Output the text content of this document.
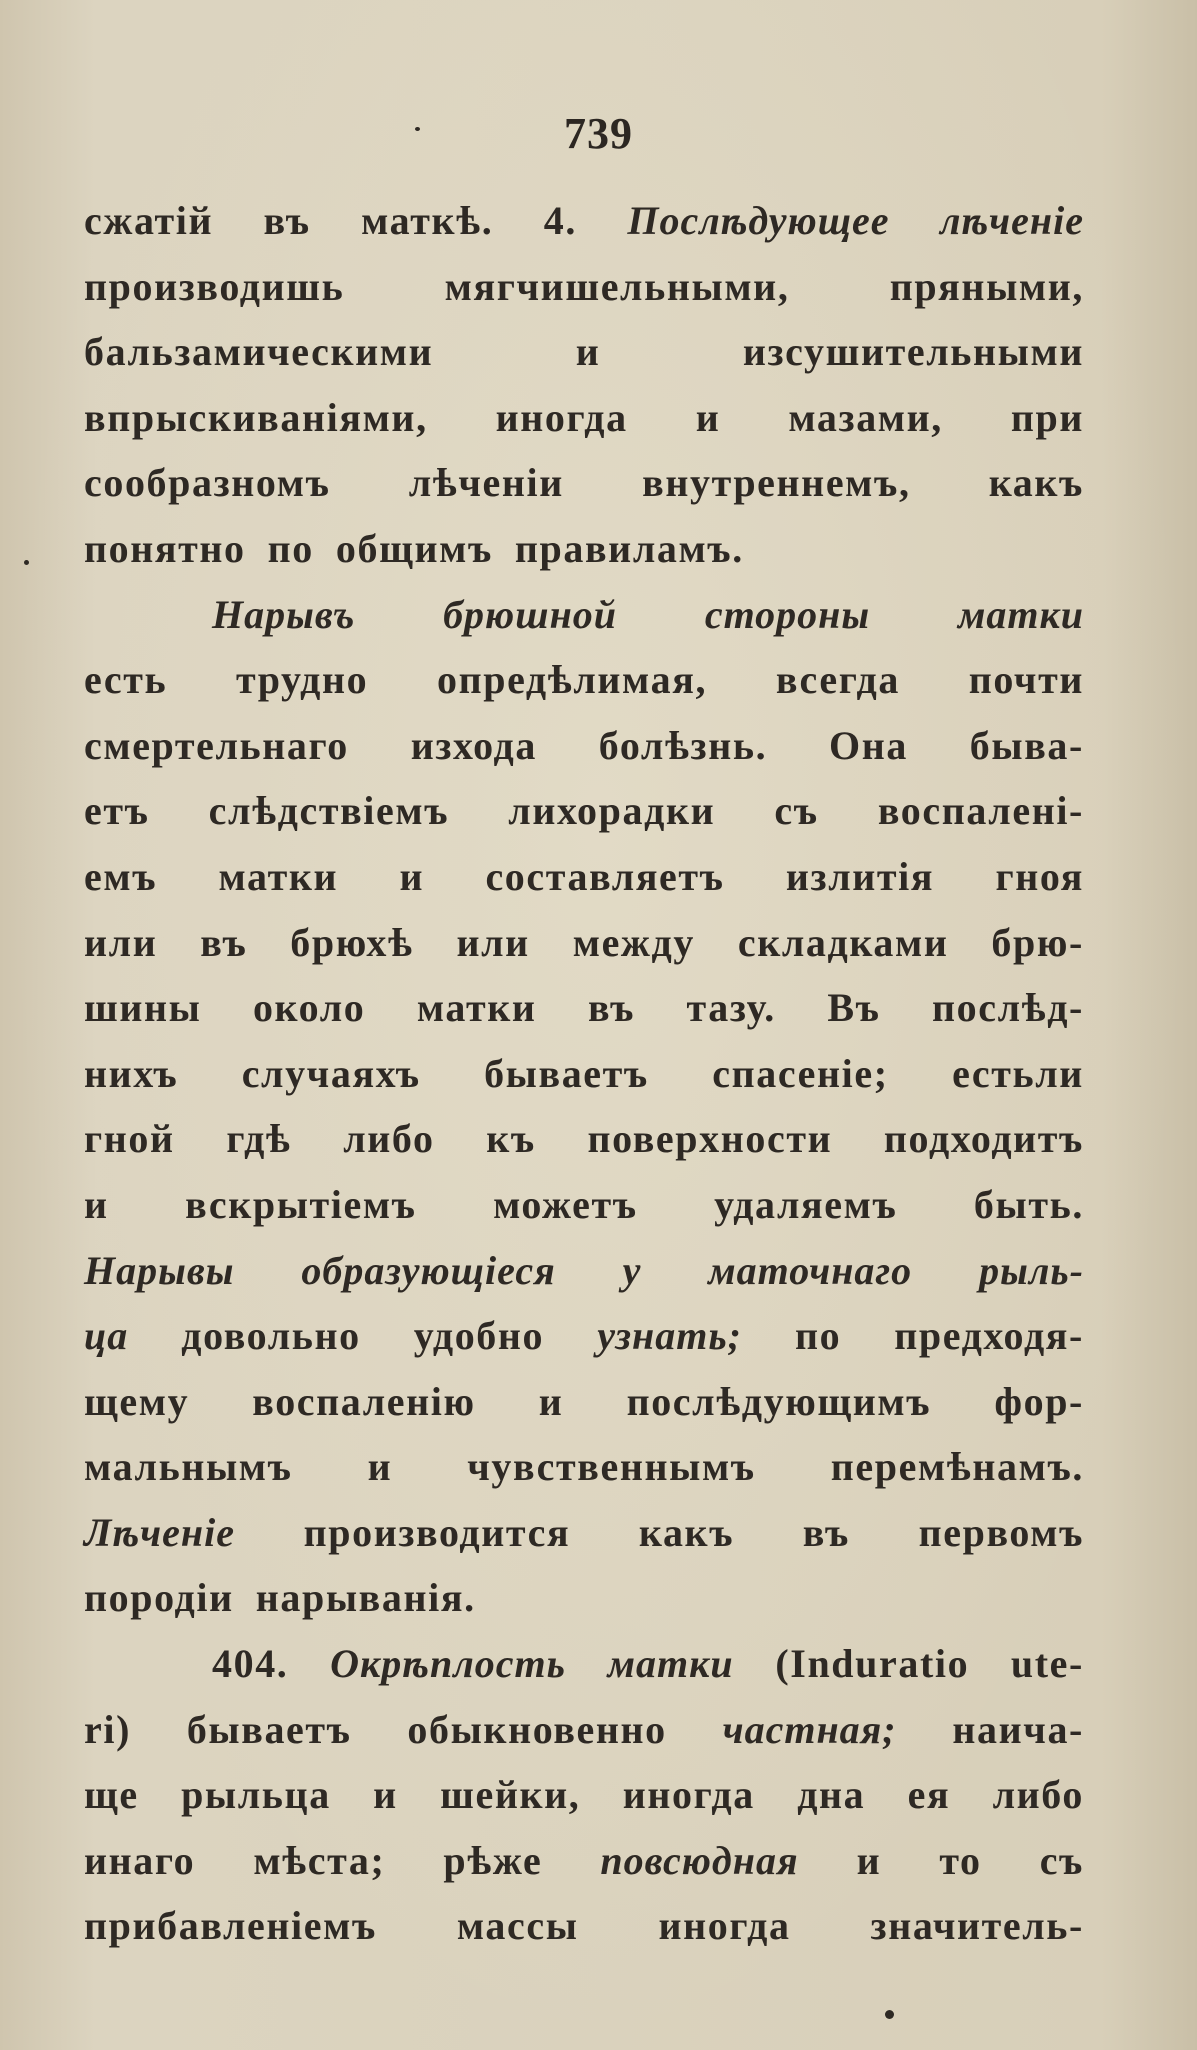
739
сжатій въ маткѣ. 4. Послѣдующее лѣченіе
производишь	мягчишельными,	пряными,
бальзамическими	и	изсушительными
впрыскиваніями, иногда и мазами, при
сообразномъ лѣченіи внутреннемъ, какъ
понятно по общимъ правиламъ.
Нарывъ брюшной стороны матки
есть трудно опредѣлимая, всегда почти
смертельнаго изхода болѣзнь. Она быва-
етъ слѣдствіемъ лихорадки съ воспалені-
емъ матки и составляетъ излитія гноя
или въ брюхѣ или между складками брю-
шины около матки въ тазу. Въ послѣд-
нихъ случаяхъ бываетъ спасеніе; естьли
гной гдѣ либо къ поверхности подходитъ
и вскрытіемъ можетъ удаляемъ быть.
Нарывы образующіеся у маточнаго рыль-
ца довольно удобно узнать; по предходя-
щему воспаленію и послѣдующимъ фор-
мальнымъ и чувственнымъ перемѣнамъ.
Лѣченіе производится какъ въ первомъ
породіи нарыванія.
404. Окрѣплость матки (Induratio ute-
ri) бываетъ обыкновенно частная; наича-
ще рыльца и шейки, иногда дна ея либо
инаго мѣста; рѣже повсюдная и то съ
прибавленіемъ массы иногда значитель-
